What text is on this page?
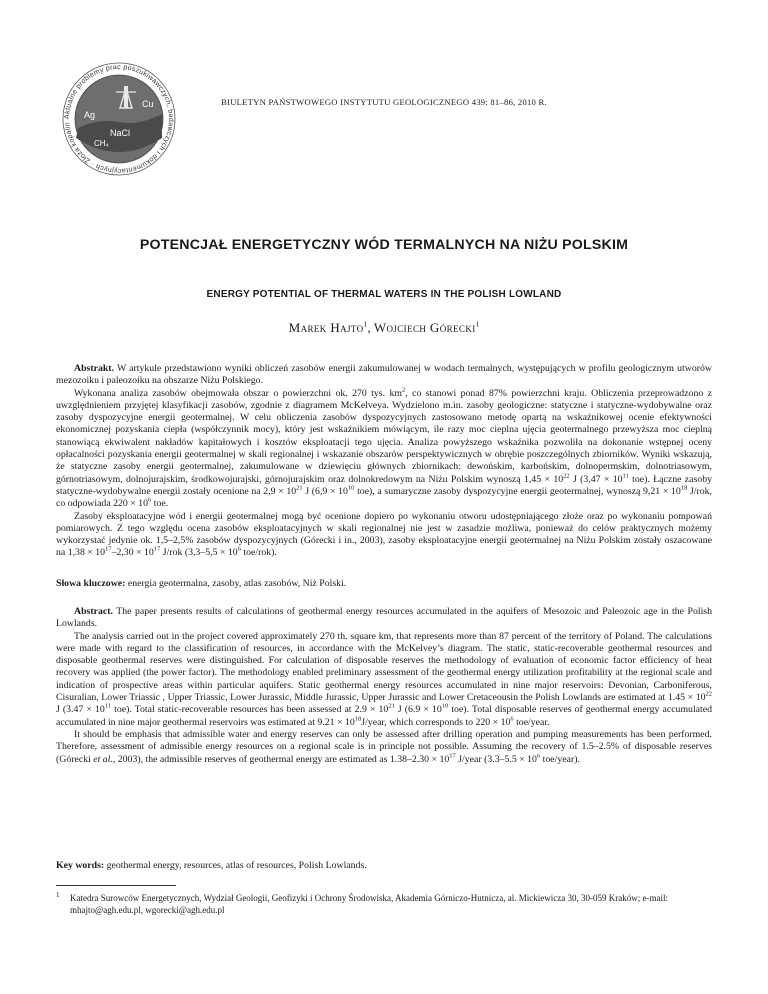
Aktualne problemy prac poszukiwawczych, badawczych i dokumentacyjnych · Złoża kopalin
Cu
Ag
NaCl
CH₄
BIULETYN PAŃSTWOWEGO INSTYTUTU GEOLOGICZNEGO 439: 81–86, 2010 R.
POTENCJAŁ ENERGETYCZNY WÓD TERMALNYCH NA NIŻU POLSKIM
ENERGY POTENTIAL OF THERMAL WATERS IN THE POLISH LOWLAND
Marek Hajto$^1$, Wojciech Górecki$^1$

Abstrakt. W artykule przedstawiono wyniki obliczeń zasobów energii zakumulowanej w wodach termalnych, występujących w profilu geologicznym utworów mezozoiku i paleozoiku na obszarze Niżu Polskiego.

Wykonana analiza zasobów obejmowała obszar o powierzchni ok. 270 tys. $km^2$, co stanowi ponad 87% powierzchni kraju. Obliczenia przeprowadzono z uwzględnieniem przyjętej klasyfikacji zasobów, zgodnie z diagramem McKelveya. Wydzielono m.in. zasoby geologiczne: statyczne i statyczne-wydobywalne oraz zasoby dyspozycyjne energii geotermalnej. W celu obliczenia zasobów dyspozycyjnych zastosowano metodę opartą na wskaźnikowej ocenie efektywności ekonomicznej pozyskania ciepła (współczynnik mocy), który jest wskaźnikiem mówiącym, ile razy moc cieplna ujęcia geotermalnego przewyższa moc cieplną stanowiącą ekwiwalent nakładów kapitałowych i kosztów eksploatacji tego ujęcia. Analiza powyższego wskaźnika pozwoliła na dokonanie wstępnej oceny opłacalności pozyskania energii geotermalnej w skali regionalnej i wskazanie obszarów perspektywicznych w obrębie poszczególnych zbiorników. Wyniki wskazują, że statyczne zasoby energii geotermalnej, zakumulowane w dziewięciu głównych zbiornikach: dewońskim, karbońskim, dolnopermskim, dolnotriasowym, górnotriasowym, dolnojurajskim, środkowojurajski, górnojurajskim oraz dolnokredowym na Niżu Polskim wynoszą $1,45 \times 10^{22}$ J ($3,47 \times 10^{11}$ toe). Łączne zasoby statyczne-wydobywalne energii zostały ocenione na $2,9 \times 10^{21}$ J ($6,9 \times 10^{10}$ toe), a sumaryczne zasoby dyspozycyjne energii geotermalnej, wynoszą $9,21 \times 10^{18}$ J/rok, co odpowiada $220 \times 10^6$ toe.

Zasoby eksploatacyjne wód i energii geotermalnej mogą być ocenione dopiero po wykonaniu otworu udostępniającego złoże oraz po wykonaniu pompowań pomiarowych. Z tego względu ocena zasobów eksploatacyjnych w skali regionalnej nie jest w zasadzie możliwa, ponieważ do celów praktycznych możemy wykorzystać jedynie ok. 1,5–2,5% zasobów dyspozycyjnych (Górecki i in., 2003), zasoby eksploatacyjne energii geotermalnej na Niżu Polskim zostały oszacowane na $1,38 \times 10^{17}-2,30 \times 10^{17}$ J/rok ($3,3-5,5 \times 10^6$ toe/rok).

Słowa kluczowe: energia geotermalna, zasoby, atlas zasobów, Niż Polski.

Abstract. The paper presents results of calculations of geothermal energy resources accumulated in the aquifers of Mesozoic and Paleozoic age in the Polish Lowlands.

The analysis carried out in the project covered approximately 270 th. square km, that represents more than 87 percent of the territory of Poland. The calculations were made with regard to the classification of resources, in accordance with the McKelvey’s diagram. The static, static-recoverable geothermal resources and disposable geothermal reserves were distinguished. For calculation of disposable reserves the methodology of evaluation of economic factor efficiency of heat recovery was applied (the power factor). The methodology enabled preliminary assessment of the geothermal energy utilization profitability at the regional scale and indication of prospective areas within particular aquifers. Static geothermal energy resources accumulated in nine major reservoirs: Devonian, Carboniferous, Cisuralian, Lower Triassic , Upper Triassic, Lower Jurassic, Middle Jurassic, Upper Jurassic and Lower Cretaceousin the Polish Lowlands are estimated at $1.45 \times 10^{22}$ J ($3.47 \times 10^{11}$ toe). Total static-recoverable resources has been assessed at $2.9 \times 10^{21}$ J ($6.9 \times 10^{10}$ toe). Total disposable reserves of geothermal energy accumulated accumulated in nine major geothermal reservoirs was estimated at $9.21 \times 10^{18}J$/year, which corresponds to $220 \times 10^6$ toe/year.

It should be emphasis that admissible water and energy reserves can only be assessed after drilling operation and pumping measurements has been performed. Therefore, assessment of admissible energy resources on a regional scale is in principle not possible. Assuming the recovery of 1.5–2.5% of disposable reserves (Górecki et al., 2003), the admissible reserves of geothermal energy are estimated as $1.38-2.30 \times 10^{17}$ J/year ($3.3-5.5 \times 10^6$ toe/year).

Key words: geothermal energy, resources, atlas of resources, Polish Lowlands.

1	Katedra Surowców Energetycznych, Wydział Geologii, Geofizyki i Ochrony Środowiska, Akademia Górniczo-Hutnicza, al. Mickiewicza 30, 30-059 Kraków; e-mail: mhajto@agh.edu.pl, wgorecki@agh.edu.pl
